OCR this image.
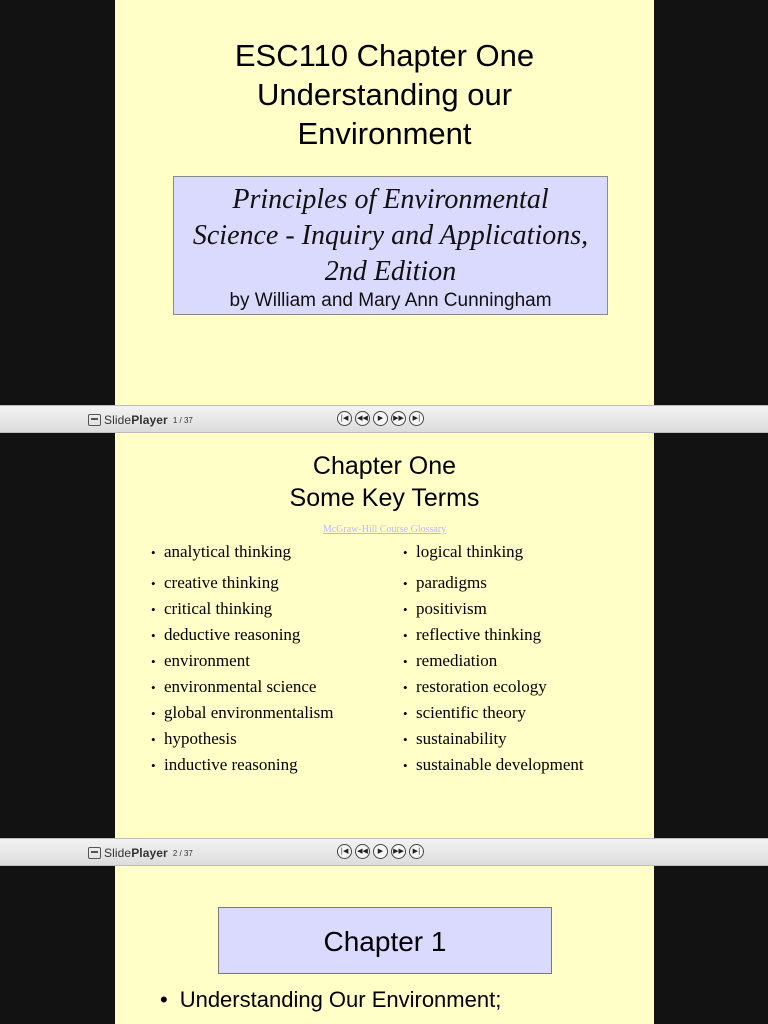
ESC110 Chapter One
Understanding our
Environment
Principles of Environmental
Science - Inquiry and Applications,
2nd Edition
by William and Mary Ann Cunningham
SlidePlayer 1 / 37	|◀	◀◀	▶	▶▶	▶|
Chapter One
Some Key Terms
McGraw-Hill Course Glossary
• analytical thinking
• creative thinking
• critical thinking
• deductive reasoning
• environment
• environmental science
• global environmentalism
• hypothesis
• inductive reasoning
• logical thinking
• paradigms
• positivism
• reflective thinking
• remediation
• restoration ecology
• scientific theory
• sustainability
• sustainable development
SlidePlayer 2 / 37	|◀	◀◀	▶	▶▶	▶|
Chapter 1
• Understanding Our Environment;
